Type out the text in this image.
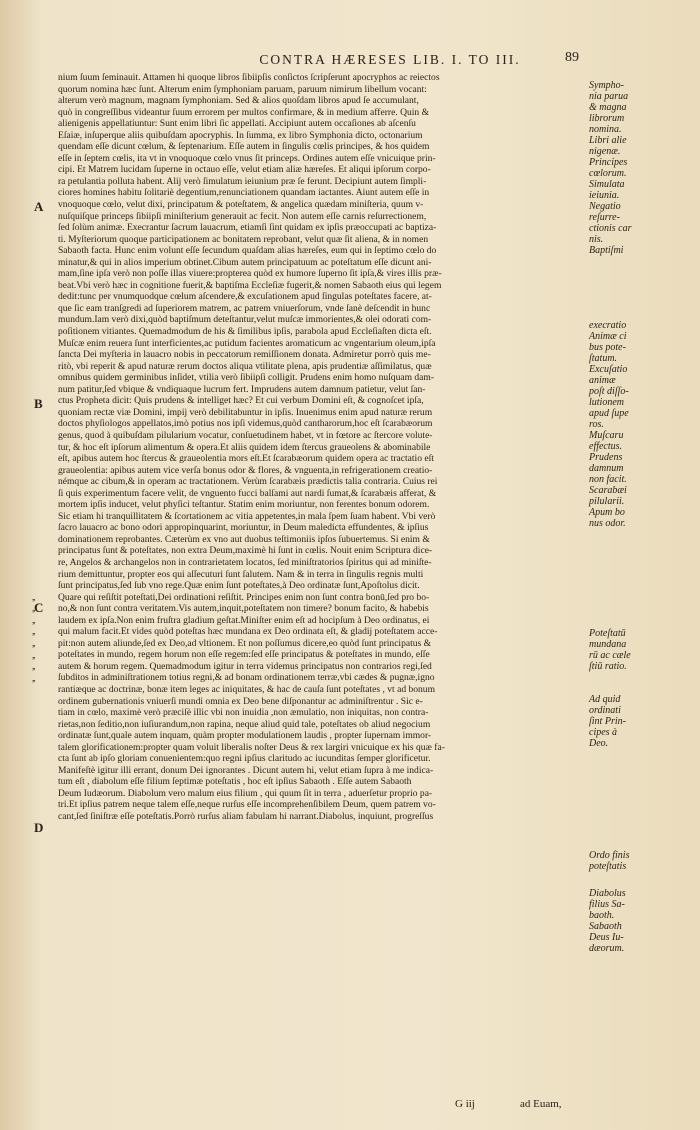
CONTRA HÆRESES LIB. I. TO III.	89

nium ſuum ſeminauit. Attamen hi quoque libros ſibiipſis conſictos ſcripſerunt apocryphos ac reiectos

quorum nomina hæc ſunt. Alterum enim ſymphoniam paruam, paruum nimirum libellum vocant:

alterum verò magnum, magnam ſymphoniam. Sed & alios quoſdam libros apud ſe accumulant,

quò in congreſſibus videantur ſuum errorem per multos confirmare, & in medium afferre. Quin &

alienigenis appellatiuntur: Sunt enim libri ſic appellati. Accipiunt autem occaſiones ab aſcenſu

Eſaiæ, inſuperque aliis quibuſdam apocryphis. In ſumma, ex libro Symphonia dicto, octonarium

quendam eſſe dicunt cœlum, & ſeptenarium. Eſſe autem in ſingulis cœlis principes, & hos quidem

eſſe in ſeptem cœlis, ita vt in vnoquoque cœlo vnus ſit princeps. Ordines autem eſſe vnicuique prin-

cipi. Et Matrem lucidam ſuperne in octauo eſſe, velut etiam aliæ hæreſes. Et aliqui ipſorum corpo-

ra petulantia polluta habent. Alij verò ſimulatum ieiunium præ ſe ferunt. Decipiunt autem ſimpli-

ciores homines habitu ſolitariè degentium,renunciationem quandam iactantes. Aiunt autem eſſe in

vnoquoque cœlo, velut dixi, principatum & poteſtatem, & angelica quædam miniſteria, quum v-

nuſquiſque princeps ſibiipſi miniſterium generauit ac fecit. Non autem eſſe carnis reſurrectionem,

ſed ſolùm animæ. Execrantur ſacrum lauacrum, etiamſi ſint quidam ex ipſis præoccupati ac baptiza-

ti. Myſteriorum quoque participationem ac bonitatem reprobant, velut quæ ſit aliena, & in nomen

Sabaoth facta. Hunc enim volunt eſſe ſecundum quaſdam alias hæreſes, eum qui in ſeptimo cœlo do

minatur,& qui in alios imperium obtinet.Cibum autem principatuum ac poteſtatum eſſe dicunt ani-

mam,ſine ipſa verò non poſſe illas viuere:propterea quòd ex humore ſuperno ſit ipſa,& vires illis præ-

beat.Vbi verò hæc in cognitione fuerit,& baptiſma Eccleſiæ fugerit,& nomen Sabaoth eius qui legem

dedit:tunc per vnumquodque cœlum aſcendere,& excuſationem apud ſingulas poteſtates facere, at-

que ſic eam tranſgredi ad ſuperiorem matrem, ac patrem vniuerſorum, vnde ſanè deſcendit in hunc

mundum.Iam verò dixi,quòd baptiſmum deteſtantur,velut muſcæ immorientes,& olei odorati com-

poſitionem vitiantes. Quemadmodum de his & ſimilibus ipſis, parabola apud Eccleſiaſten dicta eſt.

Muſcæ enim reuera ſunt interficientes,ac putidum facientes aromaticum ac vngentarium oleum,ipſa

ſancta Dei myſteria in lauacro nobis in peccatorum remiſſionem donata. Admiretur porrò quis me-

ritò, vbi reperit & apud naturæ rerum doctos aliqua vtilitate plena, apis prudentiæ aſſimilatus, quæ

omnibus quidem germinibus inſidet, vtilia verò ſibiipſi colligit. Prudens enim homo nuſquam dam-

num patitur,ſed vbique & vndiquaque lucrum fert. Imprudens autem damnum patietur, velut ſan-

ctus Propheta dicit: Quis prudens & intelliget hæc? Et cui verbum Domini eſt, & cognoſcet ipſa,

quoniam rectæ viæ Domini, impij verò debilitabuntur in ipſis. Inuenimus enim apud naturæ rerum

doctos phyſiologos appellatos,imò potius nos ipſi videmus,quòd cantharorum,hoc eſt ſcarabæorum

genus, quod à quibuſdam pilularium vocatur, conſuetudinem habet, vt in fœtore ac ſtercore volute-

tur, & hoc eſt ipſorum alimentum & opera.Et aliis quidem idem ſtercus graueolens & abominabile

eſt, apibus autem hoc ſtercus & graueolentia mors eſt.Et ſcarabæorum quidem opera ac tractatio eſt

graueolentia: apibus autem vice verſa bonus odor & flores, & vnguenta,in refrigerationem creatio-

némque ac cibum,& in operam ac tractationem. Verùm ſcarabæis prædictis talia contraria. Cuius rei

ſi quis experimentum facere velit, de vnguento fucci balſami aut nardi ſumat,& ſcarabæis afferat, &

mortem ipſis inducet, velut phyſici teſtantur. Statim enim moriuntur, non ferentes bonum odorem.

Sic etiam hi tranquillitatem & ſcortationem ac vitia appetentes,in mala ſpem ſuam habent. Vbi verò

ſacro lauacro ac bono odori appropinquarint, moriuntur, in Deum maledicta effundentes, & ipſius

dominationem reprobantes. Cæterùm ex vno aut duobus teſtimoniis ipſos ſubuertemus. Si enim &

principatus ſunt & poteſtates, non extra Deum,maximè hi ſunt in cœlis. Nouit enim Scriptura dice-

re, Angelos & archangelos non in contrarietatem locatos, ſed miniſtratorios ſpiritus qui ad miniſte-

rium demittuntur, propter eos qui aſſecuturi ſunt ſalutem. Nam & in terra in ſingulis regnis multi

ſunt principatus,ſed ſub vno rege.Quæ enim ſunt poteſtates,à Deo ordinatæ ſunt,Apoſtolus dicit.

Quare qui reſiſtit poteſtati,Dei ordinationi reſiſtit. Principes enim non ſunt contra bonū,ſed pro bo-

no,& non ſunt contra veritatem.Vis autem,inquit,poteſtatem non timere? bonum facito, & habebis

laudem ex ipſa.Non enim fruſtra gladium geſtat.Miniſter enim eſt ad hocipſum à Deo ordinatus, ei

qui malum facit.Et vides quòd poteſtas hæc mundana ex Deo ordinata eſt, & gladij poteſtatem acce-

pit:non autem aliunde,ſed ex Deo,ad vltionem. Et non poſſumus dicere,eo quòd ſunt principatus &

poteſtates in mundo, regem horum non eſſe regem:ſed eſſe principatus & poteſtates in mundo, eſſe

autem & horum regem. Quemadmodum igitur in terra videmus principatus non contrarios regi,ſed

ſubditos in adminiſtrationem totius regni,& ad bonam ordinationem terræ,vbi cædes & pugnæ,igno

rantiæque ac doctrinæ, bonæ item leges ac iniquitates, & hac de cauſa ſunt poteſtates , vt ad bonum

ordinem gubernationis vniuerſi mundi omnia ex Deo bene diſponantur ac adminiſtrentur . Sic e-

tiam in cœlo, maximè verò præciſè illic vbi non inuidia ,non æmulatio, non iniquitas, non contra-

rietas,non ſeditio,non iuſiurandum,non rapina, neque aliud quid tale, poteſtates ob aliud negocium

ordinatæ ſunt,quale autem inquam, quàm propter modulationem laudis , propter ſupernam immor-

talem glorificationem:propter quam voluit liberalis noſter Deus & rex largiri vnicuique ex his quæ fa-

cta ſunt ab ipſo gloriam conuenientem:quo regni ipſius claritudo ac iucunditas ſemper glorificetur.

Manifeſtè igitur illi errant, donum Dei ignorantes . Dicunt autem hi, velut etiam ſupra à me indica-

tum eſt , diabolum eſſe filium ſeptimæ poteſtatis , hoc eſt ipſius Sabaoth . Eſſe autem Sabaoth

Deum Iudæorum. Diabolum vero malum eius filium , qui quum ſit in terra , aduerſetur proprio pa-

tri.Et ipſius patrem neque talem eſſe,neque rurſus eſſe incomprehenſibilem Deum, quem patrem vo-

cant,ſed ſiniſtræ eſſe poteſtatis.Porrò rurſus aliam fabulam hi narrant.Diabolus, inquiunt, progreſſus

A
B
C
D
,,
,,
,,
,,
,,
,,
,,
,,
Sympho-
nia parua
& magna
librorum
nomina.
Libri alie
nigenæ.
Principes
cœlorum.
Simulata
ieiunia.
Negatio
reſurre-
ctionis car
nis.
Baptiſmi
execratio
Animæ ci
bus pote-
ſtatum.
Excuſatio
animæ
poſt diſſo-
lutionem
apud ſupe
ros.
Muſcaru
effectus.
Prudens
damnum
non facit.
Scarabæi
pilularii.
Apum bo
nus odor.
Poteſtatū
mundana
rū ac cæle
ſtiū ratio.
Ad quid
ordinati
ſint Prin-
cipes à
Deo.
Ordo finis
poteſtatis
Diabolus
filius Sa-
baoth.
Sabaoth
Deus Iu-
dæorum.
G iij	ad Euam,
